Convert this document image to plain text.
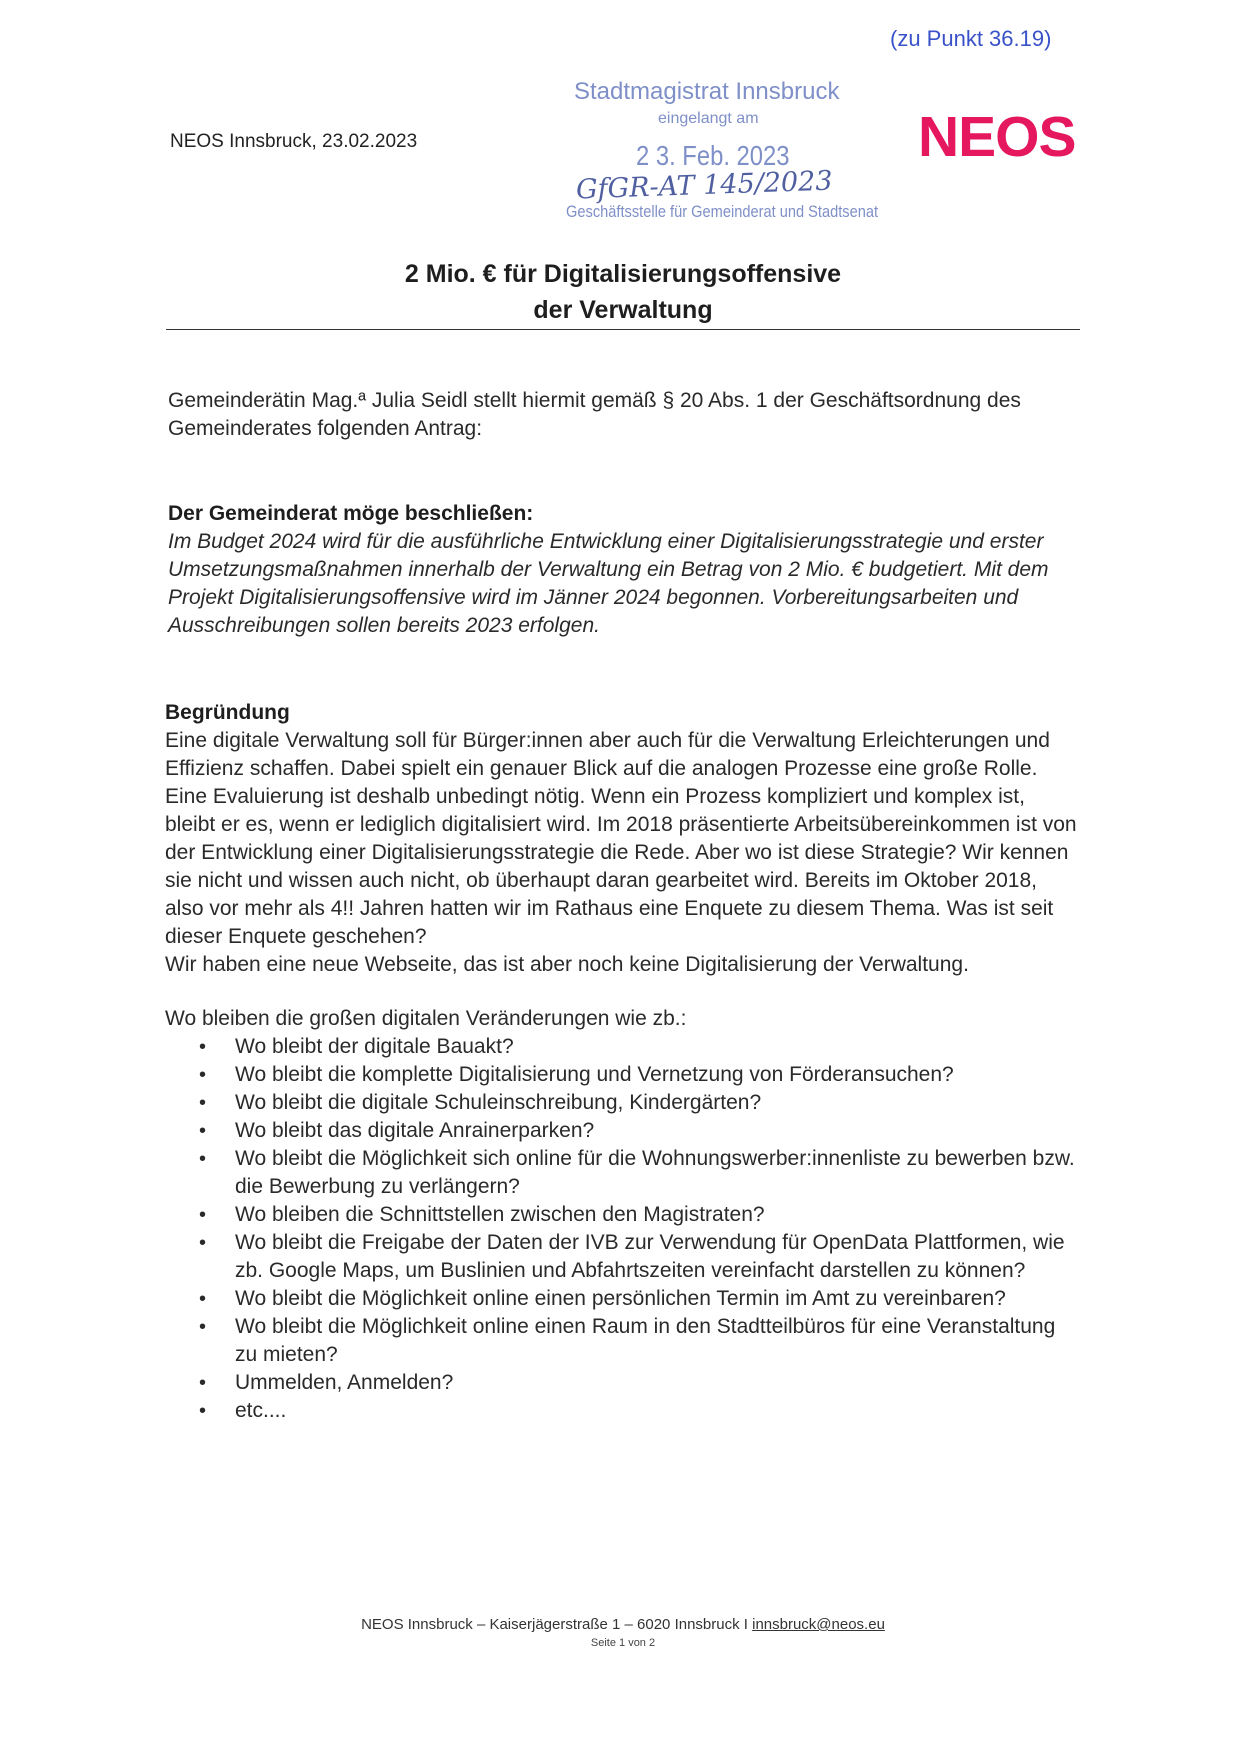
(zu Punkt 36.19)
NEOS Innsbruck, 23.02.2023	NEOS
Stadtmagistrat Innsbruck
eingelangt am
2 3. Feb. 2023
GfGR-AT 145/2023
Geschäftsstelle für Gemeinderat und Stadtsenat
2 Mio. € für Digitalisierungsoffensive
der Verwaltung
Gemeinderätin Mag.ª Julia Seidl stellt hiermit gemäß § 20 Abs. 1 der Geschäftsordnung des Gemeinderates folgenden Antrag:
Der Gemeinderat möge beschließen:

Im Budget 2024 wird für die ausführliche Entwicklung einer Digitalisierungsstrategie und erster Umsetzungsmaßnahmen innerhalb der Verwaltung ein Betrag von 2 Mio. € budgetiert. Mit dem Projekt Digitalisierungsoffensive wird im Jänner 2024 begonnen. Vorbereitungsarbeiten und Ausschreibungen sollen bereits 2023 erfolgen.

Begründung

Eine digitale Verwaltung soll für Bürger:innen aber auch für die Verwaltung Erleichterungen und Effizienz schaffen. Dabei spielt ein genauer Blick auf die analogen Prozesse eine große Rolle. Eine Evaluierung ist deshalb unbedingt nötig. Wenn ein Prozess kompliziert und komplex ist, bleibt er es, wenn er lediglich digitalisiert wird. Im 2018 präsentierte Arbeitsübereinkommen ist von der Entwicklung einer Digitalisierungsstrategie die Rede. Aber wo ist diese Strategie? Wir kennen sie nicht und wissen auch nicht, ob überhaupt daran gearbeitet wird. Bereits im Oktober 2018, also vor mehr als 4!! Jahren hatten wir im Rathaus eine Enquete zu diesem Thema. Was ist seit dieser Enquete geschehen?

Wir haben eine neue Webseite, das ist aber noch keine Digitalisierung der Verwaltung.

Wo bleiben die großen digitalen Veränderungen wie zb.:
• Wo bleibt der digitale Bauakt?
• Wo bleibt die komplette Digitalisierung und Vernetzung von Förderansuchen?
• Wo bleibt die digitale Schuleinschreibung, Kindergärten?
• Wo bleibt das digitale Anrainerparken?
• Wo bleibt die Möglichkeit sich online für die Wohnungswerber:innenliste zu bewerben bzw. die Bewerbung zu verlängern?
• Wo bleiben die Schnittstellen zwischen den Magistraten?
• Wo bleibt die Freigabe der Daten der IVB zur Verwendung für OpenData Plattformen, wie zb. Google Maps, um Buslinien und Abfahrtszeiten vereinfacht darstellen zu können?
• Wo bleibt die Möglichkeit online einen persönlichen Termin im Amt zu vereinbaren?
• Wo bleibt die Möglichkeit online einen Raum in den Stadtteilbüros für eine Veranstaltung zu mieten?
• Ummelden, Anmelden?
• etc....
NEOS Innsbruck – Kaiserjägerstraße 1 – 6020 Innsbruck I innsbruck@neos.eu
Seite 1 von 2
